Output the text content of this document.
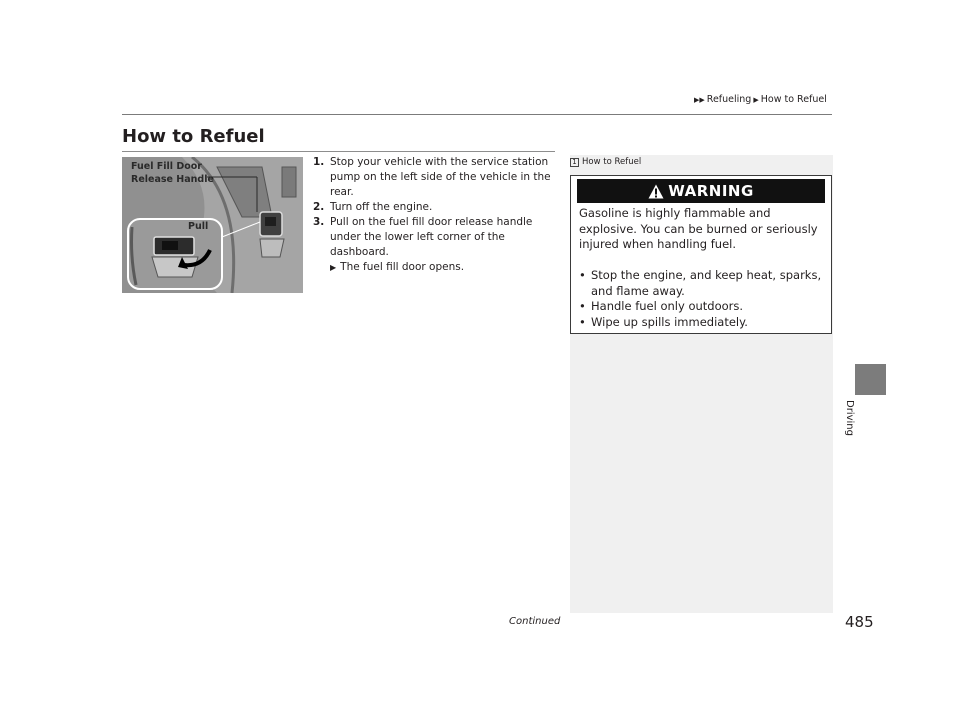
▶▶ Refueling ▶ How to Refuel
How to Refuel
Fuel Fill Door
Release Handle
Pull
1. Stop your vehicle with the service station pump on the left side of the vehicle in the rear.
2. Turn off the engine.
3. Pull on the fuel fill door release handle under the lower left corner of the dashboard.
▶ The fuel fill door opens.
1 How to Refuel
WARNING
Gasoline is highly flammable and explosive. You can be burned or seriously injured when handling fuel.
• Stop the engine, and keep heat, sparks, and flame away.
• Handle fuel only outdoors.
• Wipe up spills immediately.
Driving
Continued	485
